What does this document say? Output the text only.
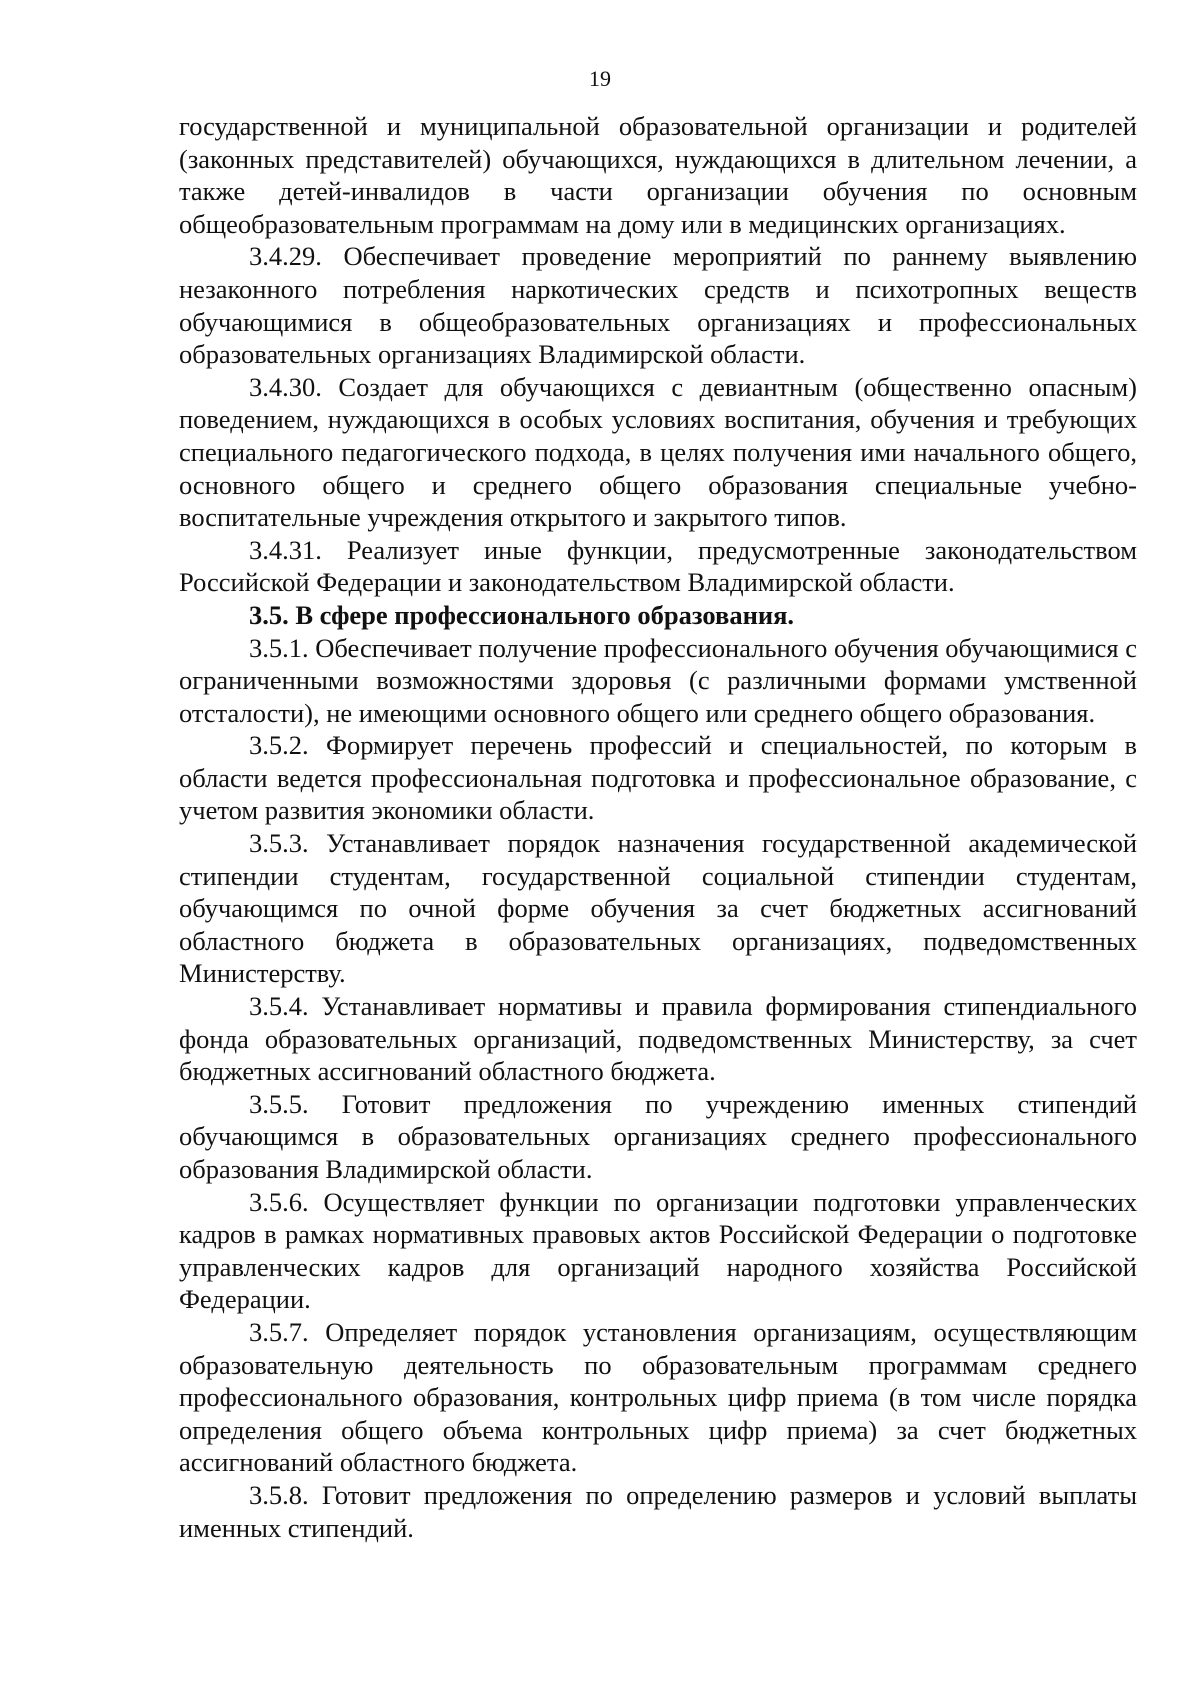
19

государственной и муниципальной образовательной организации и родителей (законных представителей) обучающихся, нуждающихся в длительном лечении, а также детей-инвалидов в части организации обучения по основным общеобразовательным программам на дому или в медицинских организациях.

3.4.29. Обеспечивает проведение мероприятий по раннему выявлению незаконного потребления наркотических средств и психотропных веществ обучающимися в общеобразовательных организациях и профессиональных образовательных организациях Владимирской области.

3.4.30. Создает для обучающихся с девиантным (общественно опасным) поведением, нуждающихся в особых условиях воспитания, обучения и требующих специального педагогического подхода, в целях получения ими начального общего, основного общего и среднего общего образования специальные учебно-воспитательные учреждения открытого и закрытого типов.

3.4.31. Реализует иные функции, предусмотренные законодательством Российской Федерации и законодательством Владимирской области.

3.5. В сфере профессионального образования.

3.5.1. Обеспечивает получение профессионального обучения обучающимися с ограниченными возможностями здоровья (с различными формами умственной отсталости), не имеющими основного общего или среднего общего образования.

3.5.2. Формирует перечень профессий и специальностей, по которым в области ведется профессиональная подготовка и профессиональное образование, с учетом развития экономики области.

3.5.3. Устанавливает порядок назначения государственной академической стипендии студентам, государственной социальной стипендии студентам, обучающимся по очной форме обучения за счет бюджетных ассигнований областного бюджета в образовательных организациях, подведомственных Министерству.

3.5.4. Устанавливает нормативы и правила формирования стипендиального фонда образовательных организаций, подведомственных Министерству, за счет бюджетных ассигнований областного бюджета.

3.5.5. Готовит предложения по учреждению именных стипендий обучающимся в образовательных организациях среднего профессионального образования Владимирской области.

3.5.6. Осуществляет функции по организации подготовки управленческих кадров в рамках нормативных правовых актов Российской Федерации о подготовке управленческих кадров для организаций народного хозяйства Российской Федерации.

3.5.7. Определяет порядок установления организациям, осуществляющим образовательную деятельность по образовательным программам среднего профессионального образования, контрольных цифр приема (в том числе порядка определения общего объема контрольных цифр приема) за счет бюджетных ассигнований областного бюджета.

3.5.8. Готовит предложения по определению размеров и условий выплаты именных стипендий.
